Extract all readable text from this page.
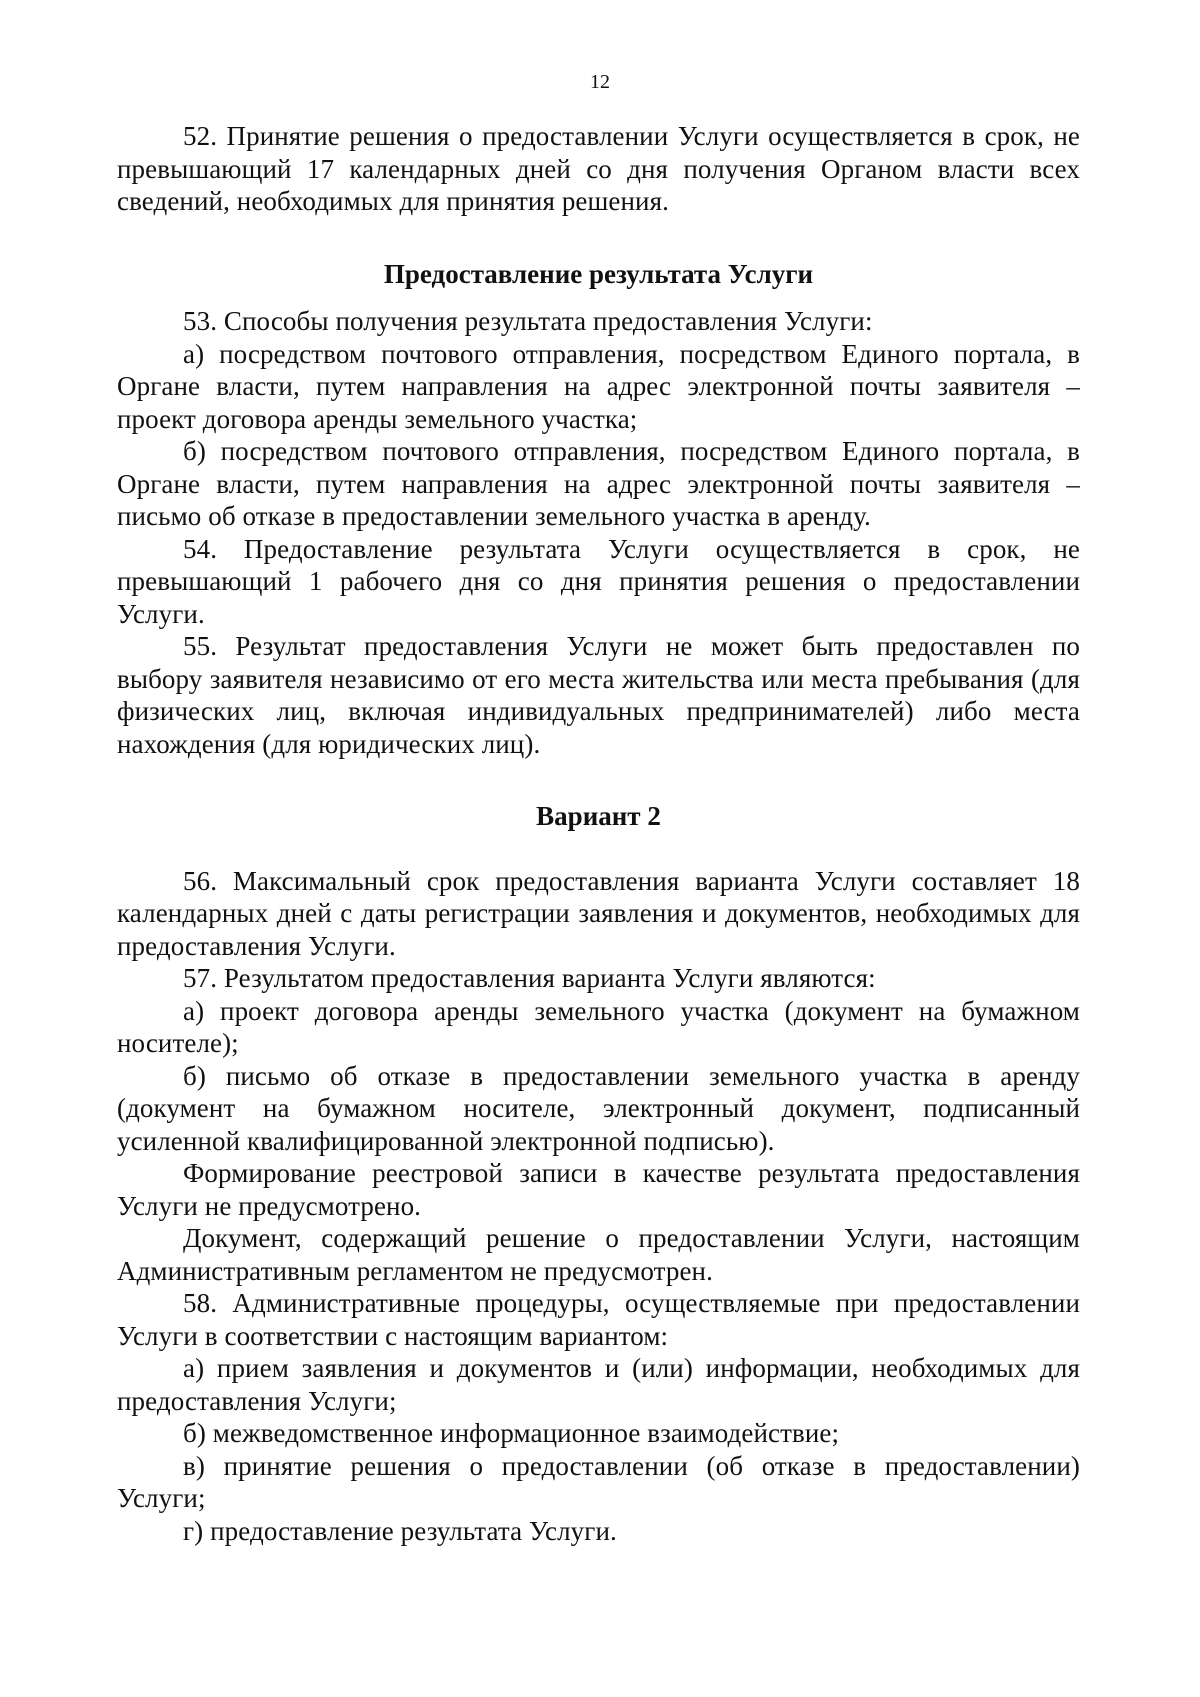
12

52. Принятие решения о предоставлении Услуги осуществляется в срок, не превышающий 17 календарных дней со дня получения Органом власти всех сведений, необходимых для принятия решения.

Предоставление результата Услуги

53. Способы получения результата предоставления Услуги:

а) посредством почтового отправления, посредством Единого портала, в Органе власти, путем направления на адрес электронной почты заявителя – проект договора аренды земельного участка;

б) посредством почтового отправления, посредством Единого портала, в Органе власти, путем направления на адрес электронной почты заявителя – письмо об отказе в предоставлении земельного участка в аренду.

54. Предоставление результата Услуги осуществляется в срок, не превышающий 1 рабочего дня со дня принятия решения о предоставлении Услуги.

55. Результат предоставления Услуги не может быть предоставлен по выбору заявителя независимо от его места жительства или места пребывания (для физических лиц, включая индивидуальных предпринимателей) либо места нахождения (для юридических лиц).

Вариант 2

56. Максимальный срок предоставления варианта Услуги составляет 18 календарных дней с даты регистрации заявления и документов, необходимых для предоставления Услуги.

57. Результатом предоставления варианта Услуги являются:

а) проект договора аренды земельного участка (документ на бумажном носителе);

б) письмо об отказе в предоставлении земельного участка в аренду (документ на бумажном носителе, электронный документ, подписанный усиленной квалифицированной электронной подписью).

Формирование реестровой записи в качестве результата предоставления Услуги не предусмотрено.

Документ, содержащий решение о предоставлении Услуги, настоящим Административным регламентом не предусмотрен.

58. Административные процедуры, осуществляемые при предоставлении Услуги в соответствии с настоящим вариантом:

а) прием заявления и документов и (или) информации, необходимых для предоставления Услуги;

б) межведомственное информационное взаимодействие;

в) принятие решения о предоставлении (об отказе в предоставлении) Услуги;

г) предоставление результата Услуги.
